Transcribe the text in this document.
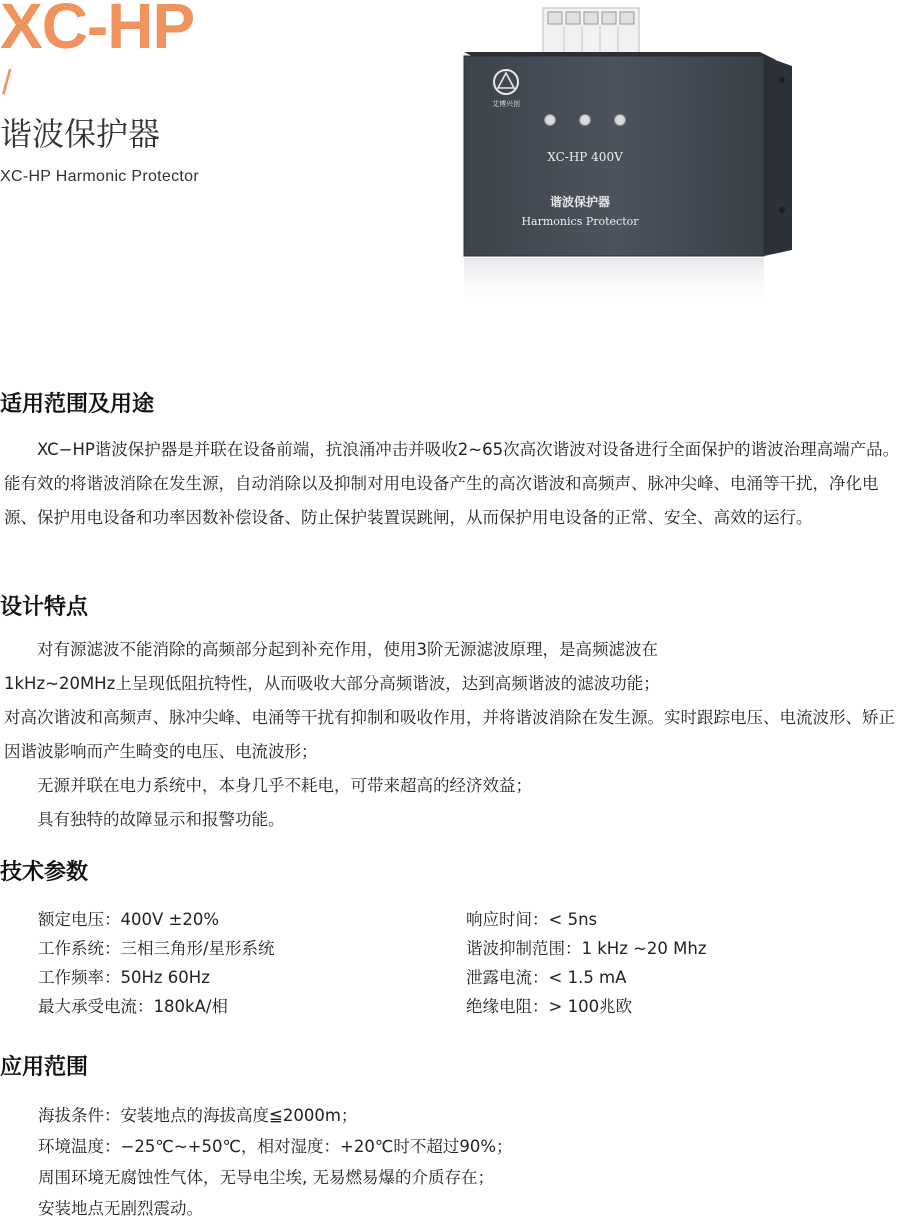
XC-HP
/
谐波保护器
XC-HP Harmonic Protector
艾博兴创
XC-HP 400V
谐波保护器
Harmonics Protector
适用范围及用途

XC−HP谐波保护器是并联在设备前端，抗浪涌冲击并吸收2~65次高次谐波对设备进行全面保护的谐波治理高端产品。能有效的将谐波消除在发生源，自动消除以及抑制对用电设备产生的高次谐波和高频声、脉冲尖峰、电涌等干扰，净化电源、保护用电设备和功率因数补偿设备、防止保护装置误跳闸，从而保护用电设备的正常、安全、高效的运行。

设计特点

对有源滤波不能消除的高频部分起到补充作用，使用3阶无源滤波原理，是高频滤波在

1kHz~20MHz上呈现低阻抗特性，从而吸收大部分高频谐波，达到高频谐波的滤波功能；

对高次谐波和高频声、脉冲尖峰、电涌等干扰有抑制和吸收作用，并将谐波消除在发生源。实时跟踪电压、电流波形、矫正因谐波影响而产生畸变的电压、电流波形；

无源并联在电力系统中，本身几乎不耗电，可带来超高的经济效益；

具有独特的故障显示和报警功能。

技术参数
额定电压：400V ±20%
工作系统：三相三角形/星形系统
工作频率：50Hz 60Hz
最大承受电流：180kA/相
响应时间：< 5ns
谐波抑制范围：1 kHz ~20 Mhz
泄露电流：< 1.5 mA
绝缘电阻：> 100兆欧
应用范围

海拔条件：安装地点的海拔高度≦2000m；

环境温度：−25℃~+50℃，相对湿度：+20℃时不超过90%；

周围环境无腐蚀性气体，无导电尘埃, 无易燃易爆的介质存在；

安装地点无剧烈震动。
